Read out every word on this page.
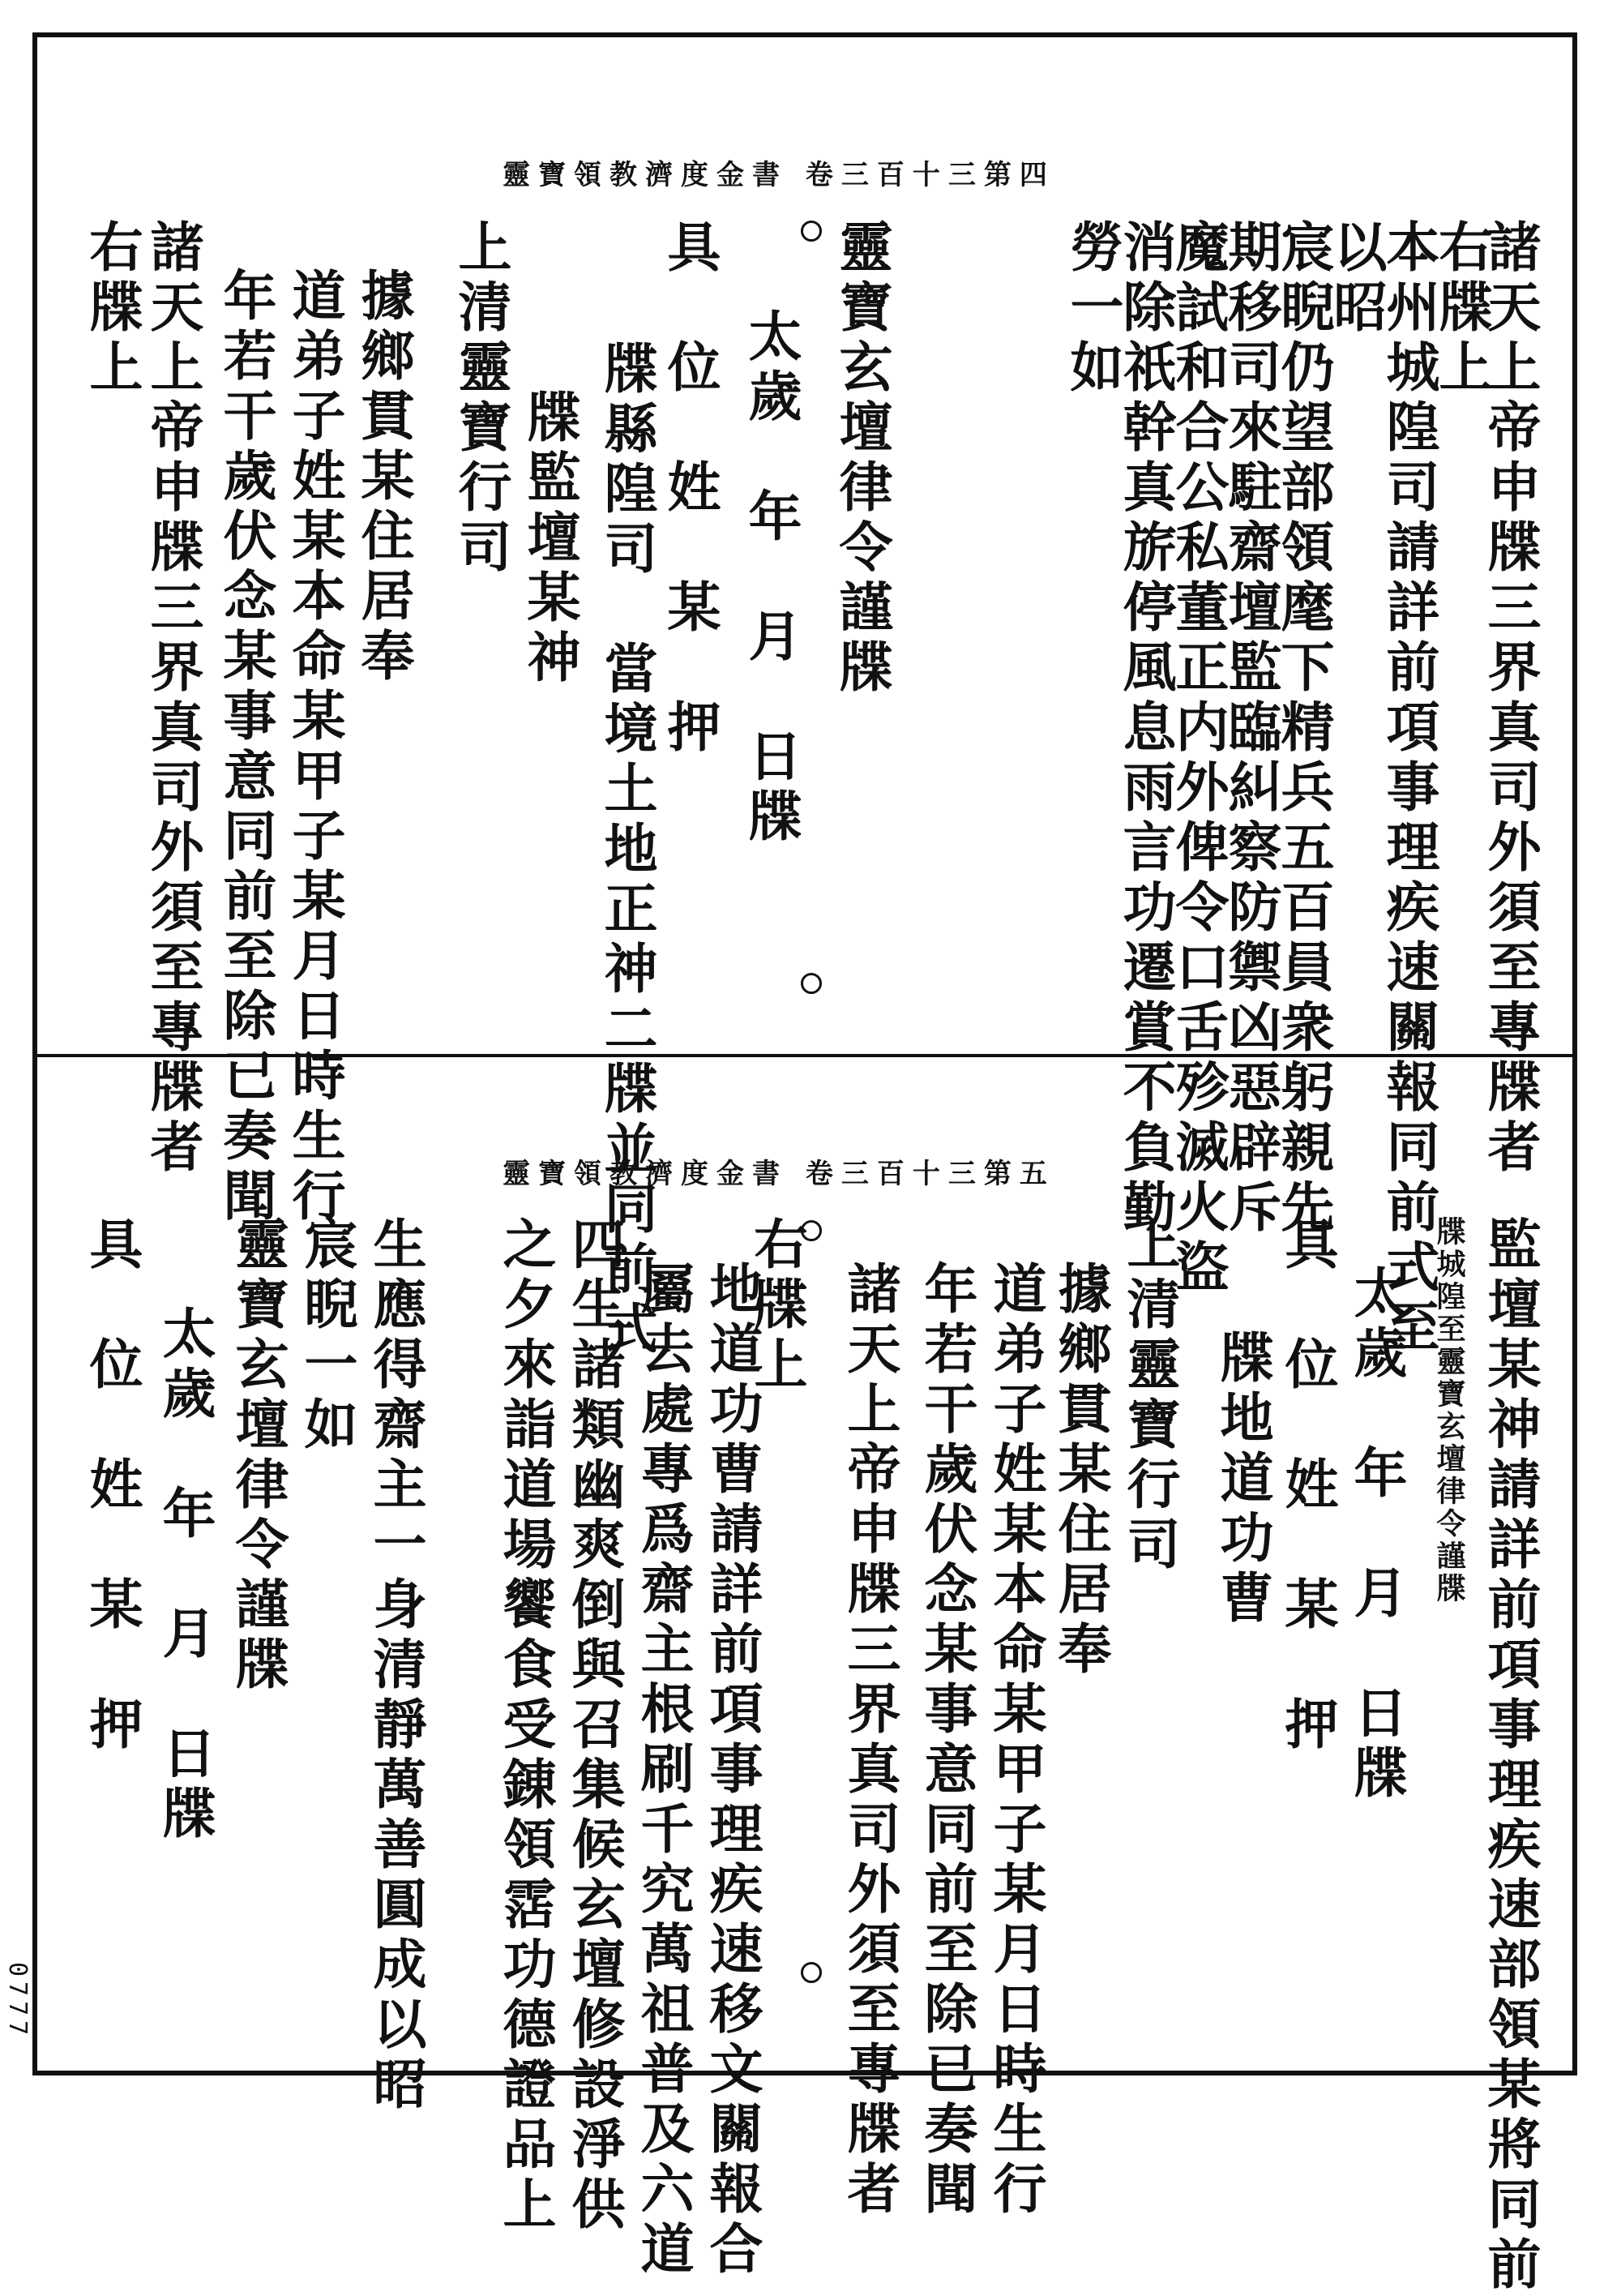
靈寶領教濟度金書 卷三百十三第四
諸天上帝申牒三界真司外須至專牒者
右牒上
本州城隍司請詳前項事理疾速關報同前式至
以昭
宸睨仍望部領麾下精兵五百員衆躬親先
期移司來駐齋壇監臨糾察防禦凶惡辟斥
魔試和合公私董正内外俾令口舌殄滅火盜
消除祇幹真旂停風息雨言功遷賞不負勤
勞一如
靈寶玄壇律令謹牒
太歲　年　月　日牒
具　位　姓　某　押
牒縣隍司　當境土地正神二牒並同前式
牒監壇某神
上清靈寶行司
據鄉貫某住居奉
道弟子姓某本命某甲子某月日時生行
年若干歲伏念某事意同前至除已奏聞
諸天上帝申牒三界真司外須至專牒者
右牒上
靈寶領教濟度金書 卷三百十三第五
監壇某神請詳前項事理疾速部領某將同前
牒城隍至靈寶玄壇律令謹牒
太歲　年　月　日牒
具　位　姓　某　押
牒地道功曹
上清靈寶行司
據鄉貫某住居奉
道弟子姓某本命某甲子某月日時生行
年若干歲伏念某事意同前至除已奏聞
諸天上帝申牒三界真司外須至專牒者
右牒上
地道功曹請詳前項事理疾速移文關報合
屬去處專爲齋主根刷千究萬祖普及六道
四生諸類幽爽倒與召集候玄壇修設淨供
之夕來詣道場饗食受錬領霑功德證品上
生應得齋主一身清靜萬善圓成以昭
宸睨一如
靈寶玄壇律令謹牒
太歲　年　月　日牒
具　位　姓　某　押
0777
